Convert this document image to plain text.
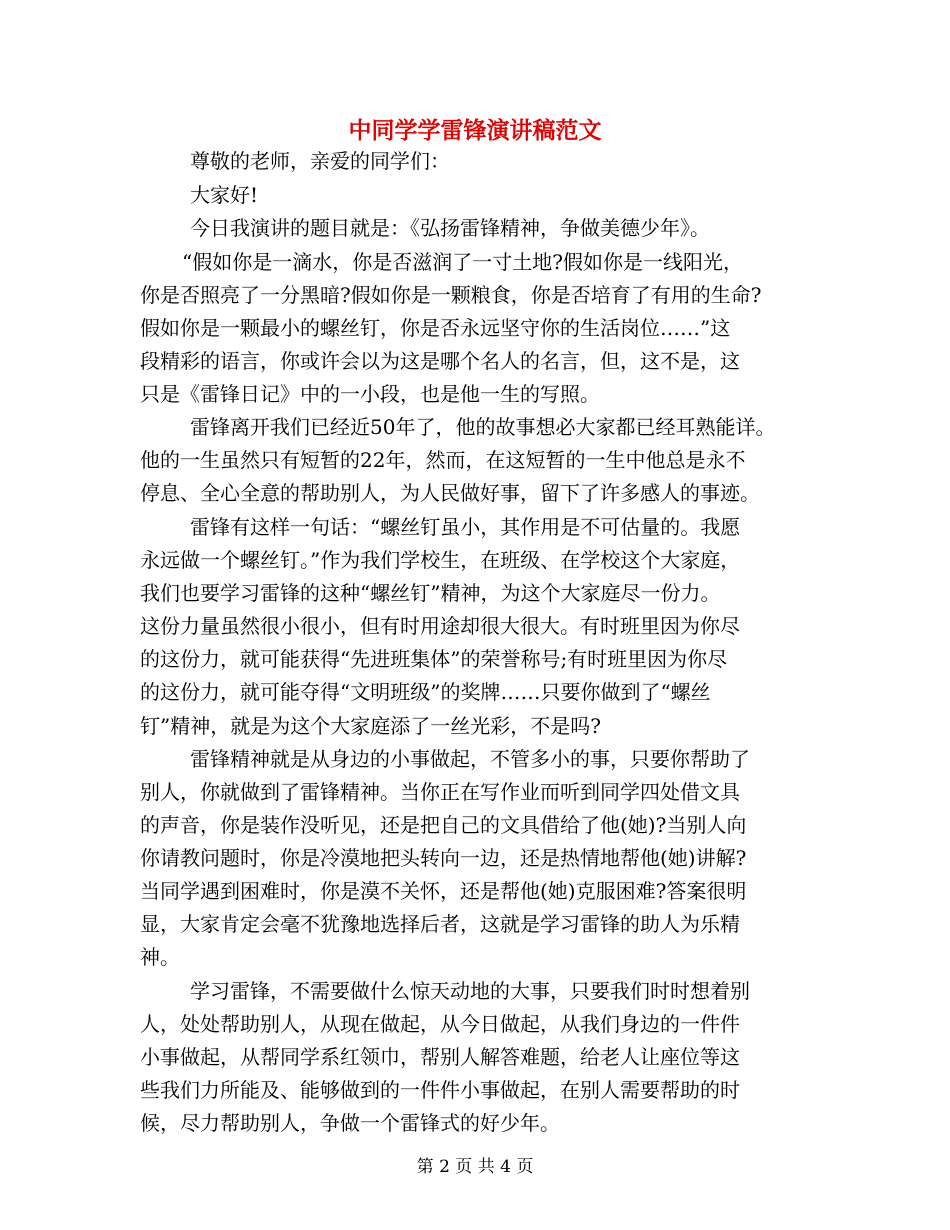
中同学学雷锋演讲稿范文
尊敬的老师，亲爱的同学们：
大家好!
今日我演讲的题目就是：《弘扬雷锋精神，争做美德少年》。
“假如你是一滴水，你是否滋润了一寸土地?假如你是一线阳光，
你是否照亮了一分黑暗?假如你是一颗粮食，你是否培育了有用的生命?
假如你是一颗最小的螺丝钉，你是否永远坚守你的生活岗位……”这
段精彩的语言，你或许会以为这是哪个名人的名言，但，这不是，这
只是《雷锋日记》中的一小段，也是他一生的写照。
雷锋离开我们已经近50年了，他的故事想必大家都已经耳熟能详。
他的一生虽然只有短暂的22年，然而，在这短暂的一生中他总是永不
停息、全心全意的帮助别人，为人民做好事，留下了许多感人的事迹。
雷锋有这样一句话：“螺丝钉虽小，其作用是不可估量的。我愿
永远做一个螺丝钉。”作为我们学校生，在班级、在学校这个大家庭，
我们也要学习雷锋的这种“螺丝钉”精神，为这个大家庭尽一份力。
这份力量虽然很小很小，但有时用途却很大很大。有时班里因为你尽
的这份力，就可能获得“先进班集体”的荣誉称号;有时班里因为你尽
的这份力，就可能夺得“文明班级”的奖牌……只要你做到了“螺丝
钉”精神，就是为这个大家庭添了一丝光彩，不是吗?
雷锋精神就是从身边的小事做起，不管多小的事，只要你帮助了
别人，你就做到了雷锋精神。当你正在写作业而听到同学四处借文具
的声音，你是装作没听见，还是把自己的文具借给了他(她)?当别人向
你请教问题时，你是冷漠地把头转向一边，还是热情地帮他(她)讲解?
当同学遇到困难时，你是漠不关怀，还是帮他(她)克服困难?答案很明
显，大家肯定会毫不犹豫地选择后者，这就是学习雷锋的助人为乐精
神。
学习雷锋，不需要做什么惊天动地的大事，只要我们时时想着别
人，处处帮助别人，从现在做起，从今日做起，从我们身边的一件件
小事做起，从帮同学系红领巾，帮别人解答难题，给老人让座位等这
些我们力所能及、能够做到的一件件小事做起，在别人需要帮助的时
候，尽力帮助别人，争做一个雷锋式的好少年。
第 2 页 共 4 页
